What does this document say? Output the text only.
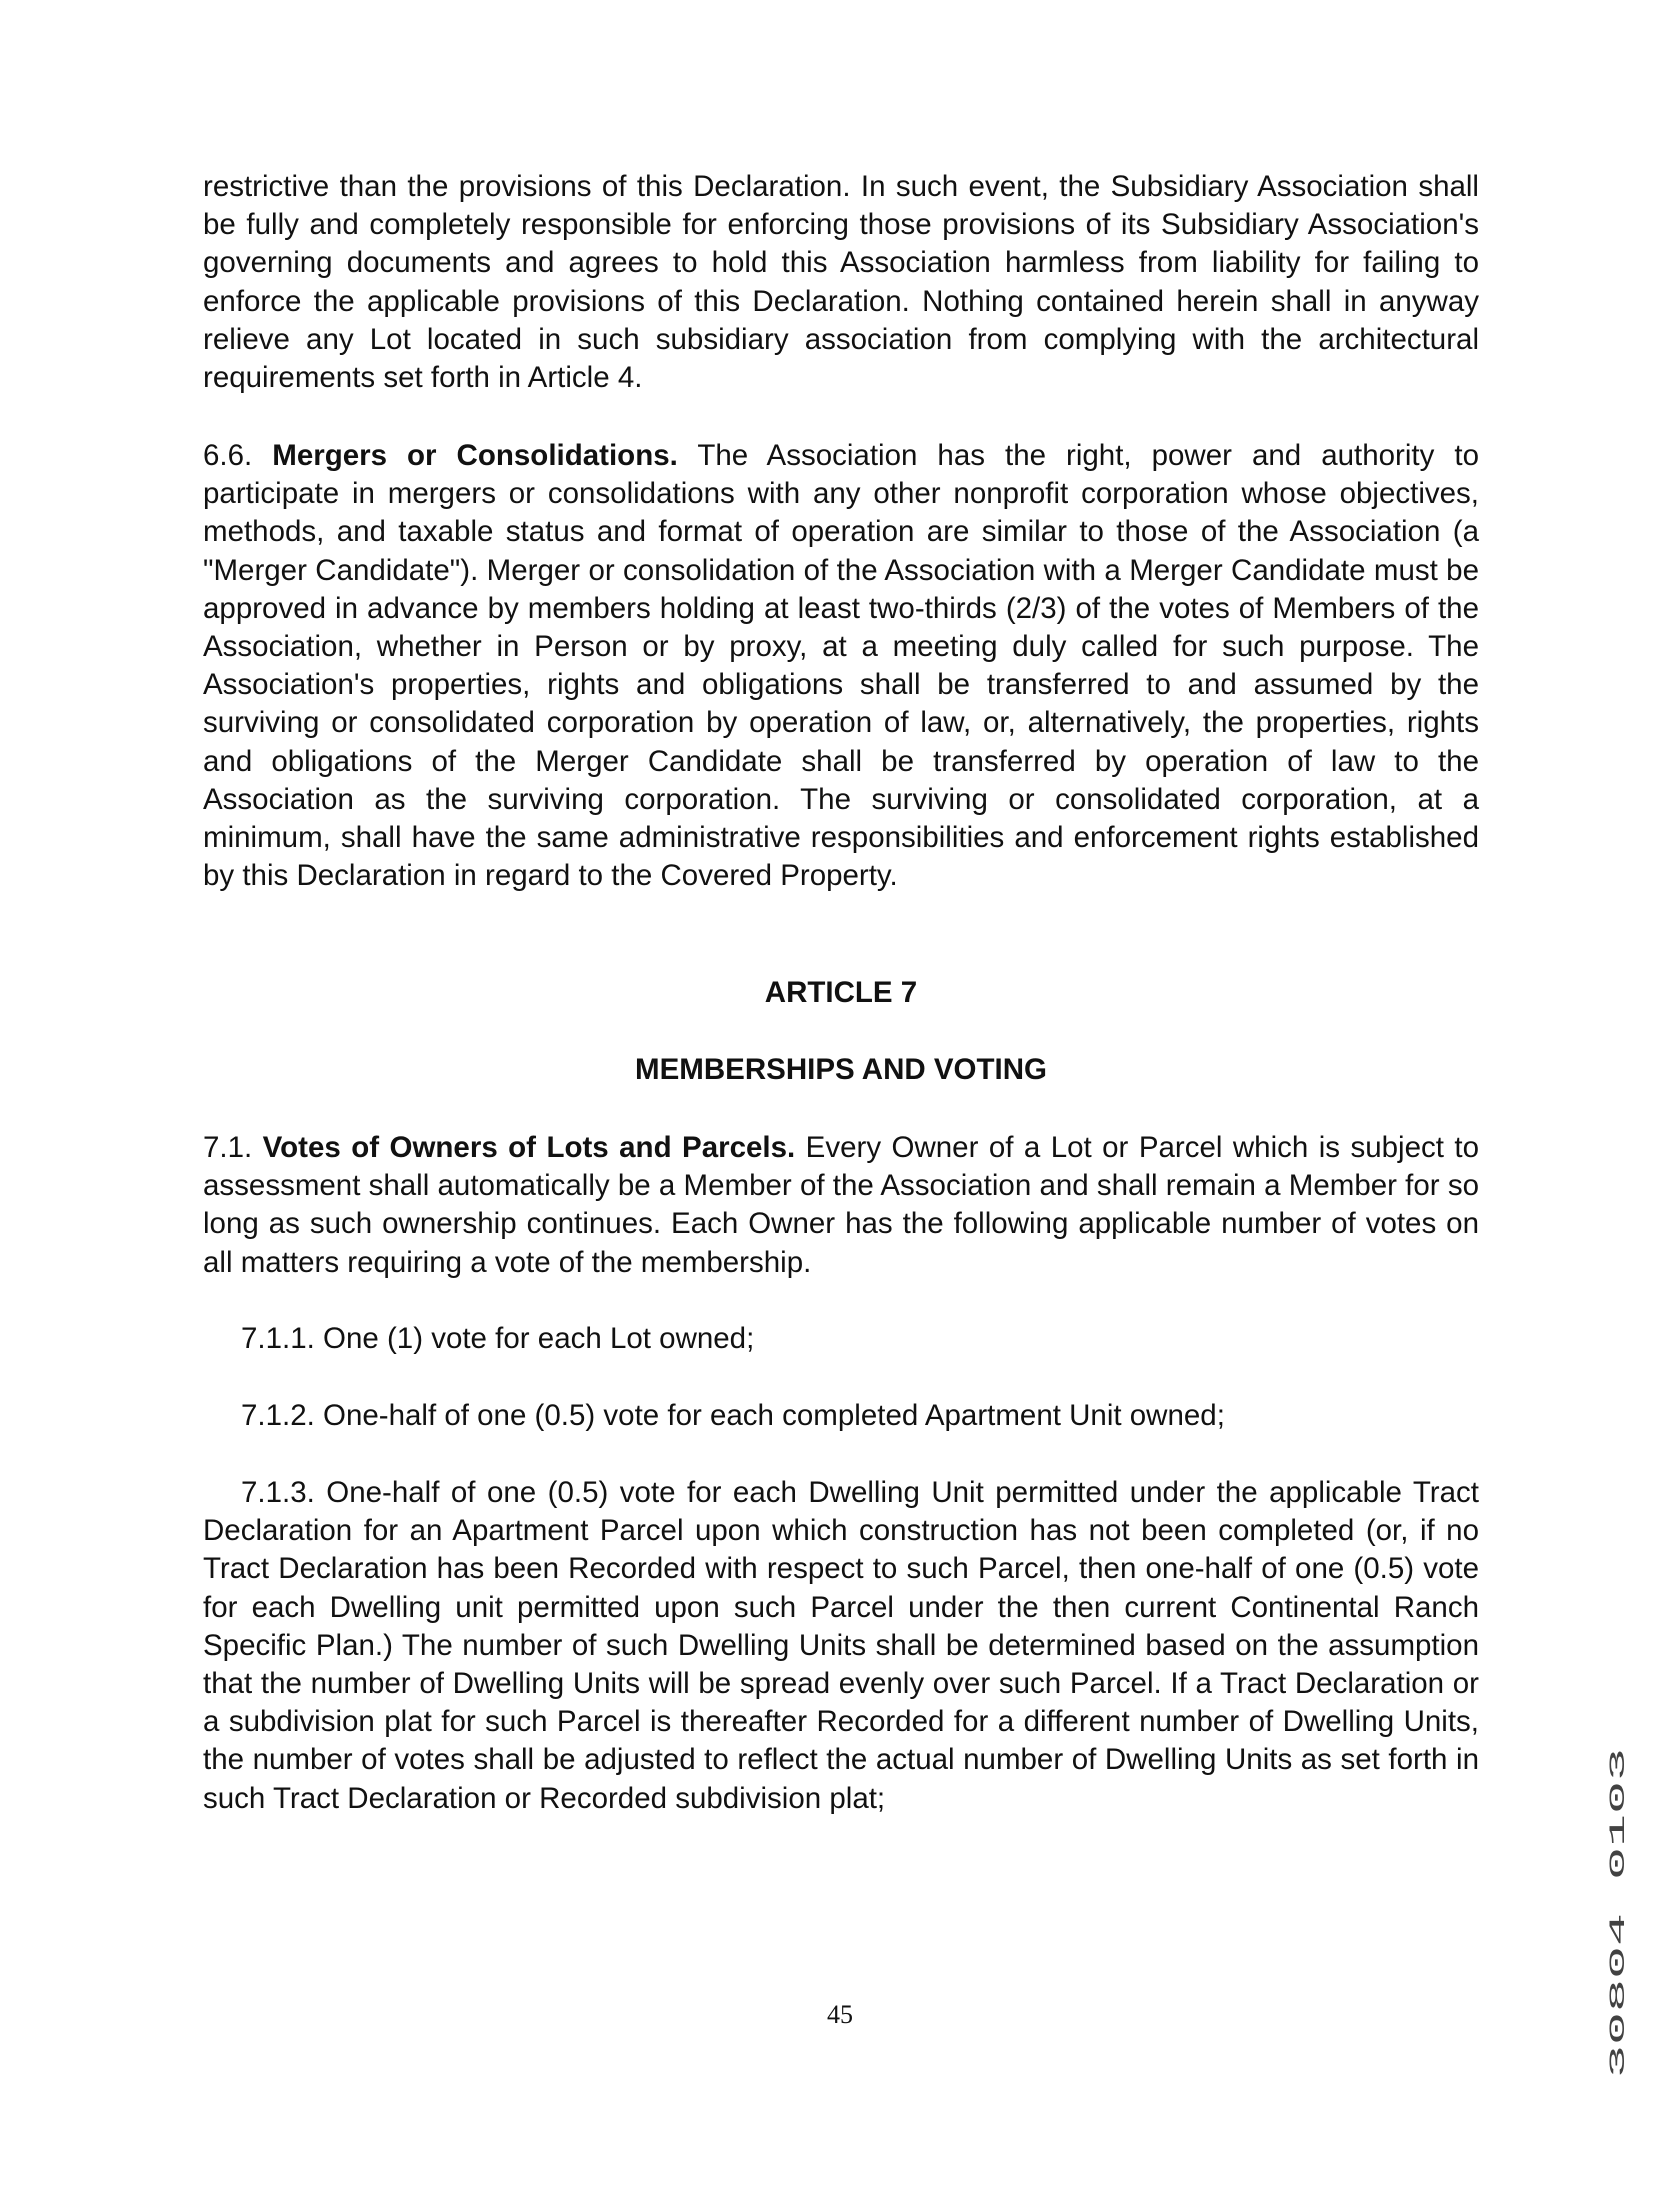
restrictive than the provisions of this Declaration. In such event, the Subsidiary Association shall be fully and completely responsible for enforcing those provisions of its Subsidiary Association's governing documents and agrees to hold this Association harmless from liability for failing to enforce the applicable provisions of this Declaration. Nothing contained herein shall in anyway relieve any Lot located in such subsidiary association from complying with the architectural requirements set forth in Article 4.

6.6. Mergers or Consolidations. The Association has the right, power and authority to participate in mergers or consolidations with any other nonprofit corporation whose objectives, methods, and taxable status and format of operation are similar to those of the Association (a "Merger Candidate"). Merger or consolidation of the Association with a Merger Candidate must be approved in advance by members holding at least two-thirds (2/3) of the votes of Members of the Association, whether in Person or by proxy, at a meeting duly called for such purpose. The Association's properties, rights and obligations shall be transferred to and assumed by the surviving or consolidated corporation by operation of law, or, alternatively, the properties, rights and obligations of the Merger Candidate shall be transferred by operation of law to the Association as the surviving corporation. The surviving or consolidated corporation, at a minimum, shall have the same administrative responsibilities and enforcement rights established by this Declaration in regard to the Covered Property.

ARTICLE 7

MEMBERSHIPS AND VOTING

7.1. Votes of Owners of Lots and Parcels. Every Owner of a Lot or Parcel which is subject to assessment shall automatically be a Member of the Association and shall remain a Member for so long as such ownership continues. Each Owner has the following applicable number of votes on all matters requiring a vote of the membership.

7.1.1. One (1) vote for each Lot owned;

7.1.2. One-half of one (0.5) vote for each completed Apartment Unit owned;

7.1.3. One-half of one (0.5) vote for each Dwelling Unit permitted under the applicable Tract Declaration for an Apartment Parcel upon which construction has not been completed (or, if no Tract Declaration has been Recorded with respect to such Parcel, then one-half of one (0.5) vote for each Dwelling unit permitted upon such Parcel under the then current Continental Ranch Specific Plan.) The number of such Dwelling Units shall be determined based on the assumption that the number of Dwelling Units will be spread evenly over such Parcel. If a Tract Declaration or a subdivision plat for such Parcel is thereafter Recorded for a different number of Dwelling Units, the number of votes shall be adjusted to reflect the actual number of Dwelling Units as set forth in such Tract Declaration or Recorded subdivision plat;

30804 0103

45
